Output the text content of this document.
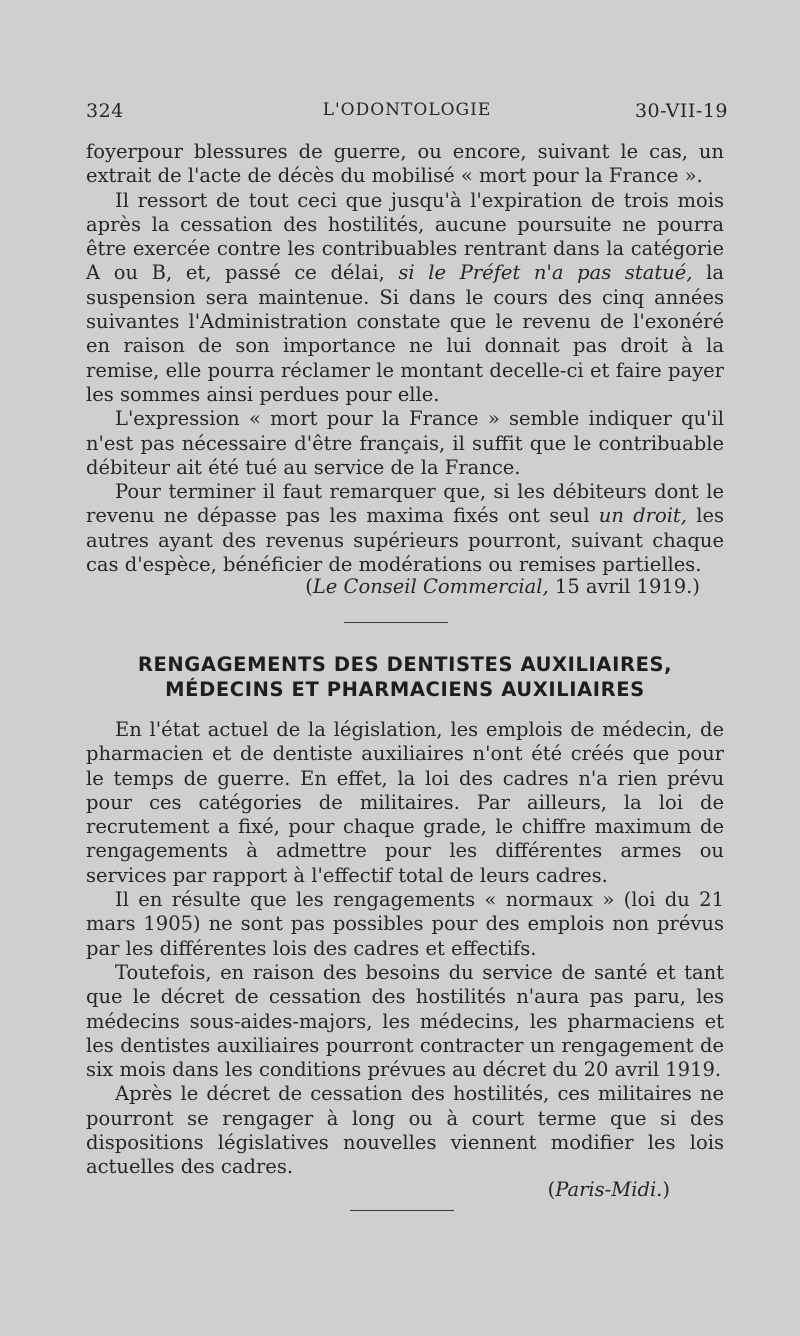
324	L'ODONTOLOGIE	30-VII-19

foyerpour blessures de guerre, ou encore, suivant le cas, un extrait de l'acte de décès du mobilisé « mort pour la France ».

Il ressort de tout ceci que jusqu'à l'expiration de trois mois après la cessation des hostilités, aucune poursuite ne pourra être exercée contre les contribuables rentrant dans la catégorie A ou B, et, passé ce délai, si le Préfet n'a pas statué, la suspension sera maintenue. Si dans le cours des cinq années suivantes l'Administration constate que le revenu de l'exonéré en raison de son importance ne lui donnait pas droit à la remise, elle pourra réclamer le montant decelle-ci et faire payer les sommes ainsi perdues pour elle.

L'expression « mort pour la France » semble indiquer qu'il n'est pas nécessaire d'être français, il suffit que le contribuable débiteur ait été tué au service de la France.

Pour terminer il faut remarquer que, si les débiteurs dont le revenu ne dépasse pas les maxima fixés ont seul un droit, les autres ayant des revenus supérieurs pourront, suivant chaque cas d'espèce, bénéficier de modérations ou remises partielles.

(Le Conseil Commercial, 15 avril 1919.)
RENGAGEMENTS DES DENTISTES AUXILIAIRES,
MÉDECINS ET PHARMACIENS AUXILIAIRES

En l'état actuel de la législation, les emplois de médecin, de pharmacien et de dentiste auxiliaires n'ont été créés que pour le temps de guerre. En effet, la loi des cadres n'a rien prévu pour ces catégories de militaires. Par ailleurs, la loi de recrutement a fixé, pour chaque grade, le chiffre maximum de rengagements à admettre pour les différentes armes ou services par rapport à l'effectif total de leurs cadres.

Il en résulte que les rengagements « normaux » (loi du 21 mars 1905) ne sont pas possibles pour des emplois non prévus par les différentes lois des cadres et effectifs.

Toutefois, en raison des besoins du service de santé et tant que le décret de cessation des hostilités n'aura pas paru, les médecins sous-aides-majors, les médecins, les pharmaciens et les dentistes auxiliaires pourront contracter un rengagement de six mois dans les conditions prévues au décret du 20 avril 1919.

Après le décret de cessation des hostilités, ces militaires ne pourront se rengager à long ou à court terme que si des dispositions législatives nouvelles viennent modifier les lois actuelles des cadres.

(Paris-Midi.)
